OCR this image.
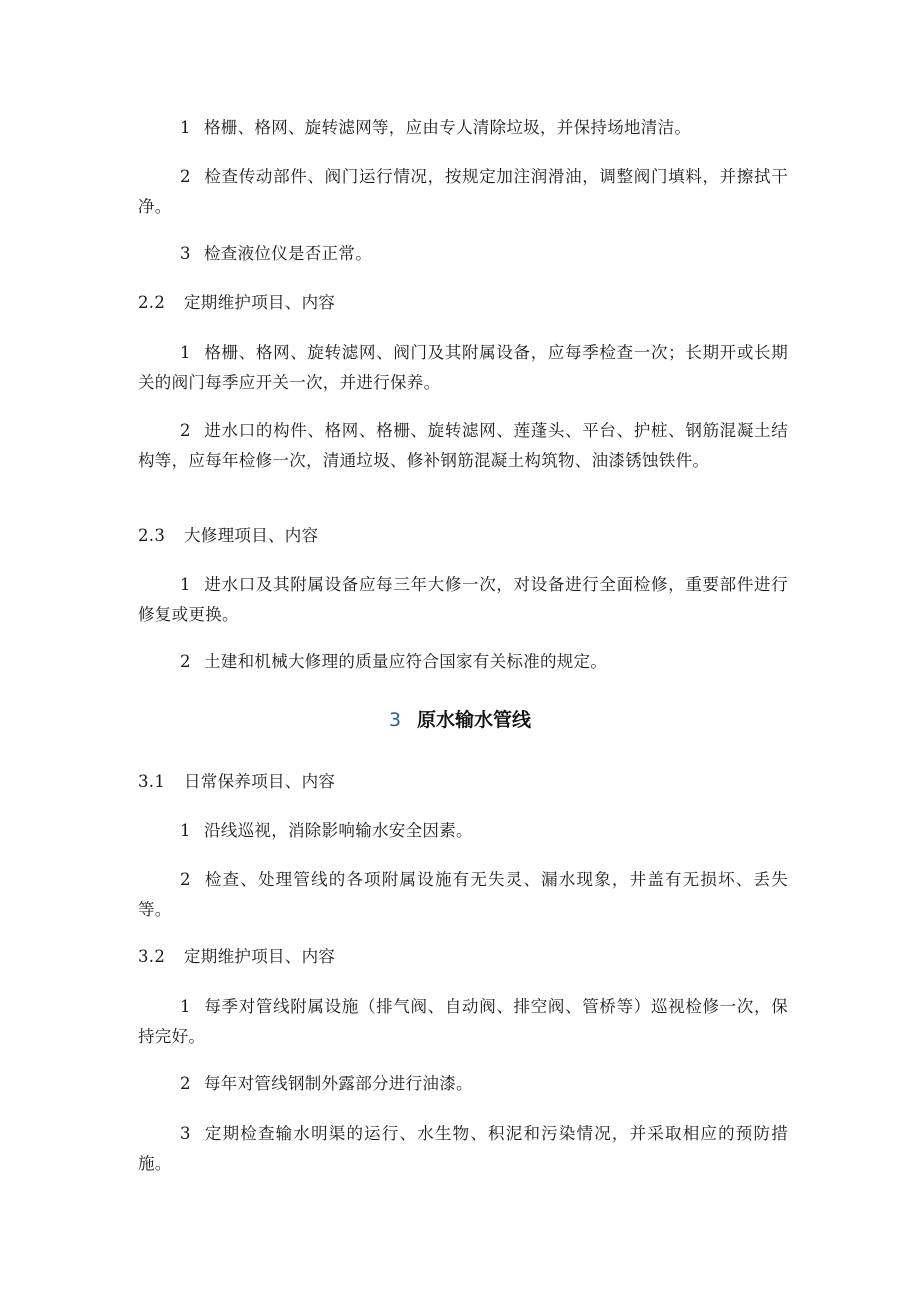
1 格栅、格网、旋转滤网等，应由专人清除垃圾，并保持场地清洁。
2 检查传动部件、阀门运行情况，按规定加注润滑油，调整阀门填料，并擦拭干净。
3 检查液位仪是否正常。
2.2 定期维护项目、内容
1 格栅、格网、旋转滤网、阀门及其附属设备，应每季检查一次；长期开或长期关的阀门每季应开关一次，并进行保养。
2 进水口的构件、格网、格栅、旋转滤网、莲蓬头、平台、护桩、钢筋混凝土结构等，应每年检修一次，清通垃圾、修补钢筋混凝土构筑物、油漆锈蚀铁件。
2.3 大修理项目、内容
1 进水口及其附属设备应每三年大修一次，对设备进行全面检修，重要部件进行修复或更换。
2 土建和机械大修理的质量应符合国家有关标准的规定。
3 原水输水管线
3.1 日常保养项目、内容
1 沿线巡视，消除影响输水安全因素。
2 检查、处理管线的各项附属设施有无失灵、漏水现象，井盖有无损坏、丢失等。
3.2 定期维护项目、内容
1 每季对管线附属设施（排气阀、自动阀、排空阀、管桥等）巡视检修一次，保持完好。
2 每年对管线钢制外露部分进行油漆。
3 定期检查输水明渠的运行、水生物、积泥和污染情况，并采取相应的预防措施。
